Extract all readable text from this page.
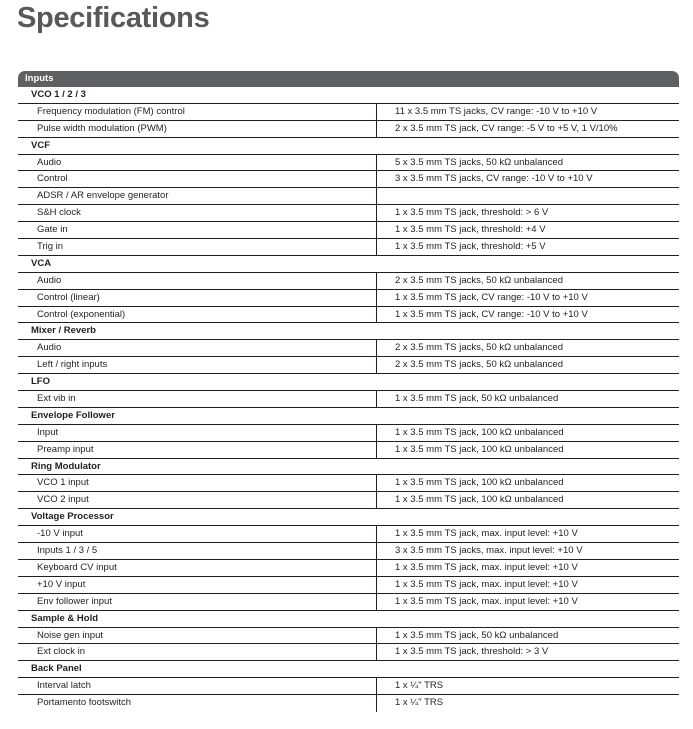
Specifications
Inputs
VCO 1 / 2 / 3
Frequency modulation (FM) control	11 x 3.5 mm TS jacks, CV range: -10 V to +10 V
Pulse width modulation (PWM)	2 x 3.5 mm TS jack, CV range: -5 V to +5 V, 1 V/10%
VCF
Audio	5 x 3.5 mm TS jacks, 50 kΩ unbalanced
Control	3 x 3.5 mm TS jacks, CV range: -10 V to +10 V
ADSR / AR envelope generator
S&H clock	1 x 3.5 mm TS jack, threshold: > 6 V
Gate in	1 x 3.5 mm TS jack, threshold: +4 V
Trig in	1 x 3.5 mm TS jack, threshold: +5 V
VCA
Audio	2 x 3.5 mm TS jacks, 50 kΩ unbalanced
Control (linear)	1 x 3.5 mm TS jack, CV range: -10 V to +10 V
Control (exponential)	1 x 3.5 mm TS jack, CV range: -10 V to +10 V
Mixer / Reverb
Audio	2 x 3.5 mm TS jacks, 50 kΩ unbalanced
Left / right inputs	2 x 3.5 mm TS jacks, 50 kΩ unbalanced
LFO
Ext vib in	1 x 3.5 mm TS jack, 50 kΩ unbalanced
Envelope Follower
Input	1 x 3.5 mm TS jack, 100 kΩ unbalanced
Preamp input	1 x 3.5 mm TS jack, 100 kΩ unbalanced
Ring Modulator
VCO 1 input	1 x 3.5 mm TS jack, 100 kΩ unbalanced
VCO 2 input	1 x 3.5 mm TS jack, 100 kΩ unbalanced
Voltage Processor
-10 V input	1 x 3.5 mm TS jack, max. input level: +10 V
Inputs 1 / 3 / 5	3 x 3.5 mm TS jacks, max. input level: +10 V
Keyboard CV input	1 x 3.5 mm TS jack, max. input level: +10 V
+10 V input	1 x 3.5 mm TS jack, max. input level: +10 V
Env follower input	1 x 3.5 mm TS jack, max. input level: +10 V
Sample & Hold
Noise gen input	1 x 3.5 mm TS jack, 50 kΩ unbalanced
Ext clock in	1 x 3.5 mm TS jack, threshold: > 3 V
Back Panel
Interval latch	1 x ¼" TRS
Portamento footswitch	1 x ¼" TRS
